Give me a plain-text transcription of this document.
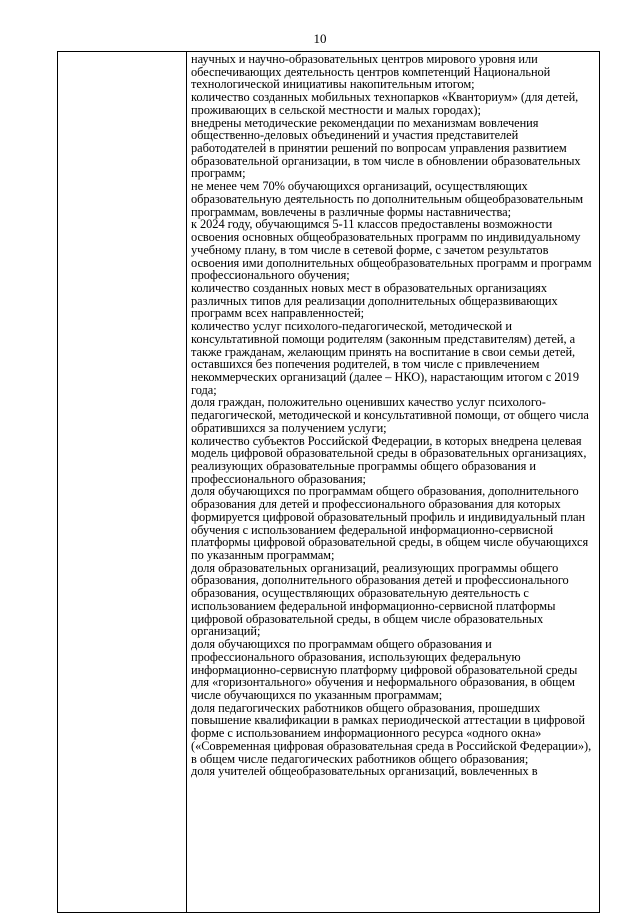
10

научных и научно-образовательных центров мирового уровня или обеспечивающих деятельность центров компетенций Национальной технологической инициативы накопительным итогом;

количество созданных мобильных технопарков «Кванториум» (для детей, проживающих в сельской местности и малых городах);

внедрены методические рекомендации по механизмам вовлечения общественно-деловых объединений и участия представителей работодателей в принятии решений по вопросам управления развитием образовательной организации, в том числе в обновлении образовательных программ;

не менее чем 70% обучающихся организаций, осуществляющих образовательную деятельность по дополнительным общеобразовательным программам, вовлечены в различные формы наставничества;

к 2024 году, обучающимся 5-11 классов предоставлены возможности освоения основных общеобразовательных программ по индивидуальному учебному плану, в том числе в сетевой форме, с зачетом результатов освоения ими дополнительных общеобразовательных программ и программ профессионального обучения;

количество созданных новых мест в образовательных организациях различных типов для реализации дополнительных общеразвивающих программ всех направленностей;

количество услуг психолого-педагогической, методической и консультативной помощи родителям (законным представителям) детей, а также гражданам, желающим принять на воспитание в свои семьи детей, оставшихся без попечения родителей, в том числе с привлечением некоммерческих организаций (далее – НКО), нарастающим итогом с 2019 года;

доля граждан, положительно оценивших качество услуг психолого-педагогической, методической и консультативной помощи, от общего числа обратившихся за получением услуги;

количество субъектов Российской Федерации, в которых внедрена целевая модель цифровой образовательной среды в образовательных организациях, реализующих образовательные программы общего образования и профессионального образования;

доля обучающихся по программам общего образования, дополнительного образования для детей и профессионального образования для которых формируется цифровой образовательный профиль и индивидуальный план обучения с использованием федеральной информационно-сервисной платформы цифровой образовательной среды, в общем числе обучающихся по указанным программам;

доля образовательных организаций, реализующих программы общего образования, дополнительного образования детей и профессионального образования, осуществляющих образовательную деятельность с использованием федеральной информационно-сервисной платформы цифровой образовательной среды, в общем числе образовательных организаций;

доля обучающихся по программам общего образования и профессионального образования, использующих федеральную информационно-сервисную платформу цифровой образовательной среды для «горизонтального» обучения и неформального образования, в общем числе обучающихся по указанным программам;

доля педагогических работников общего образования, прошедших повышение квалификации в рамках периодической аттестации в цифровой форме с использованием информационного ресурса «одного окна» («Современная цифровая образовательная среда в Российской Федерации»), в общем числе педагогических работников общего образования;

доля учителей общеобразовательных организаций, вовлеченных в
